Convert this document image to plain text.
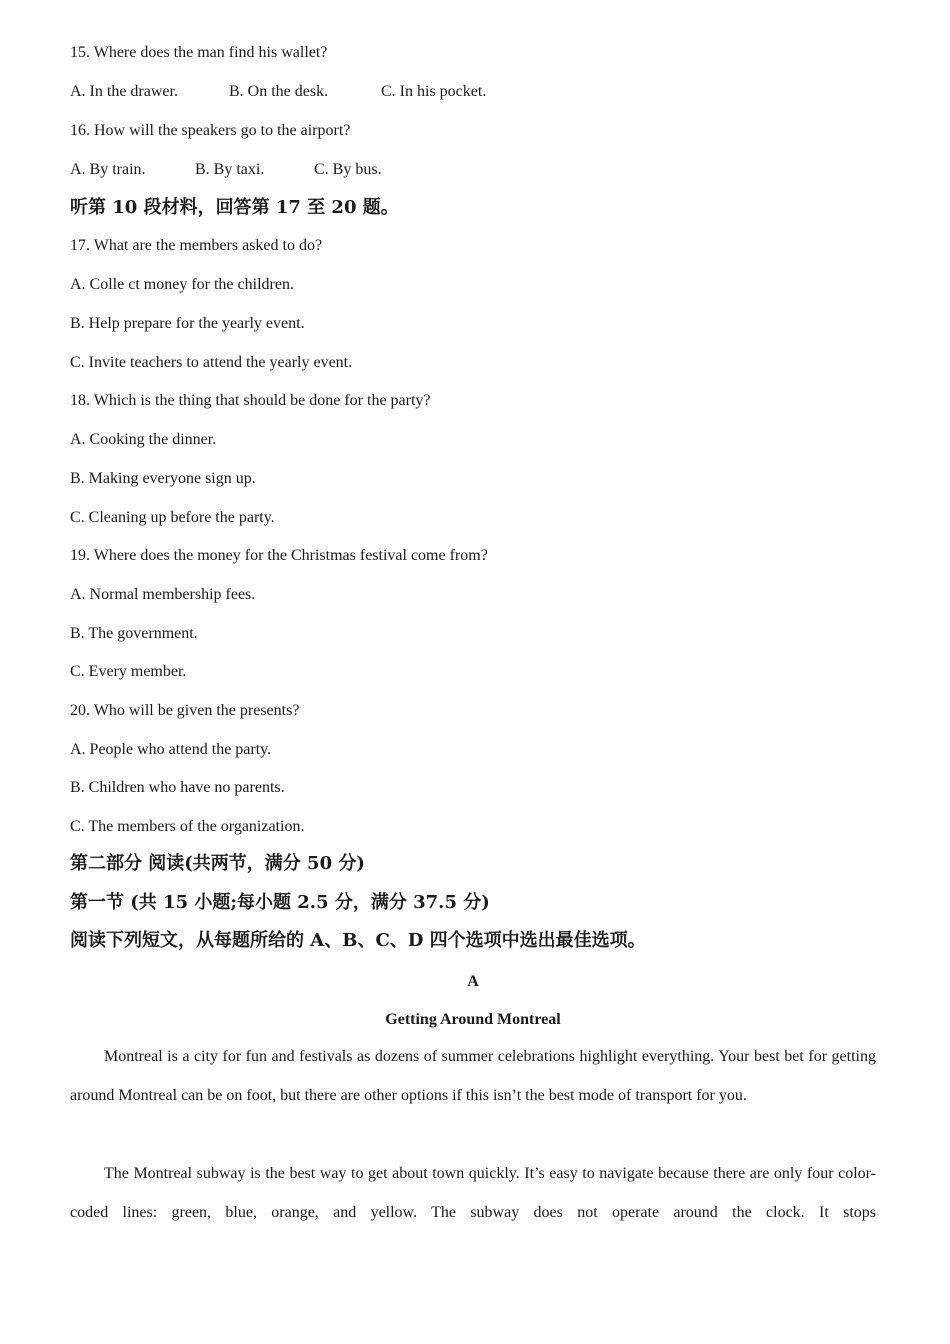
15. Where does the man find his wallet?
A. In the drawer.	B. On the desk.	C. In his pocket.
16. How will the speakers go to the airport?
A. By train.	B. By taxi.	C. By bus.
听第 10 段材料，回答第 17 至 20 题。
17. What are the members asked to do?
A. Colle ct money for the children.
B. Help prepare for the yearly event.
C. Invite teachers to attend the yearly event.
18. Which is the thing that should be done for the party?
A. Cooking the dinner.
B. Making everyone sign up.
C. Cleaning up before the party.
19. Where does the money for the Christmas festival come from?
A. Normal membership fees.
B. The government.
C. Every member.
20. Who will be given the presents?
A. People who attend the party.
B. Children who have no parents.
C. The members of the organization.
第二部分 阅读(共两节，满分 50 分)
第一节 (共 15 小题;每小题 2.5 分，满分 37.5 分)
阅读下列短文，从每题所给的 A、B、C、D 四个选项中选出最佳选项。
A
Getting Around Montreal
Montreal is a city for fun and festivals as dozens of summer celebrations highlight everything. Your best bet for getting around Montreal can be on foot, but there are other options if this isn’t the best mode of transport for you.
The Montreal subway is the best way to get about town quickly. It’s easy to navigate because there are only four color-coded lines: green, blue, orange, and yellow. The subway does not operate around the clock. It stops
